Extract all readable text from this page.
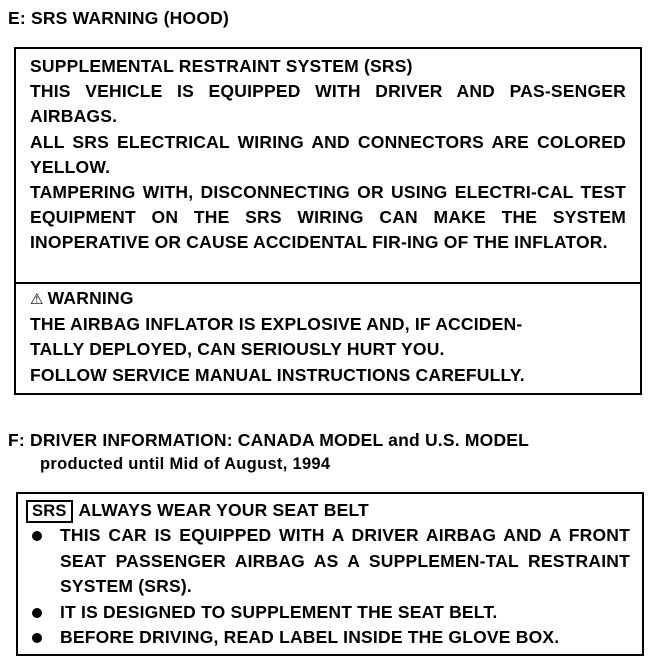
E: SRS WARNING (HOOD)
SUPPLEMENTAL RESTRAINT SYSTEM (SRS)
THIS VEHICLE IS EQUIPPED WITH DRIVER AND PAS-SENGER AIRBAGS.
ALL SRS ELECTRICAL WIRING AND CONNECTORS ARE COLORED YELLOW.
TAMPERING WITH, DISCONNECTING OR USING ELECTRI-CAL TEST EQUIPMENT ON THE SRS WIRING CAN MAKE THE SYSTEM INOPERATIVE OR CAUSE ACCIDENTAL FIR-ING OF THE INFLATOR.
⚠ WARNING
THE AIRBAG INFLATOR IS EXPLOSIVE AND, IF ACCIDEN-
TALLY DEPLOYED, CAN SERIOUSLY HURT YOU.
FOLLOW SERVICE MANUAL INSTRUCTIONS CAREFULLY.
F: DRIVER INFORMATION: CANADA MODEL and U.S. MODEL
producted until Mid of August, 1994
SRS ALWAYS WEAR YOUR SEAT BELT
THIS CAR IS EQUIPPED WITH A DRIVER AIRBAG AND A FRONT SEAT PASSENGER AIRBAG AS A SUPPLEMEN-TAL RESTRAINT SYSTEM (SRS).
IT IS DESIGNED TO SUPPLEMENT THE SEAT BELT.
BEFORE DRIVING, READ LABEL INSIDE THE GLOVE BOX.
